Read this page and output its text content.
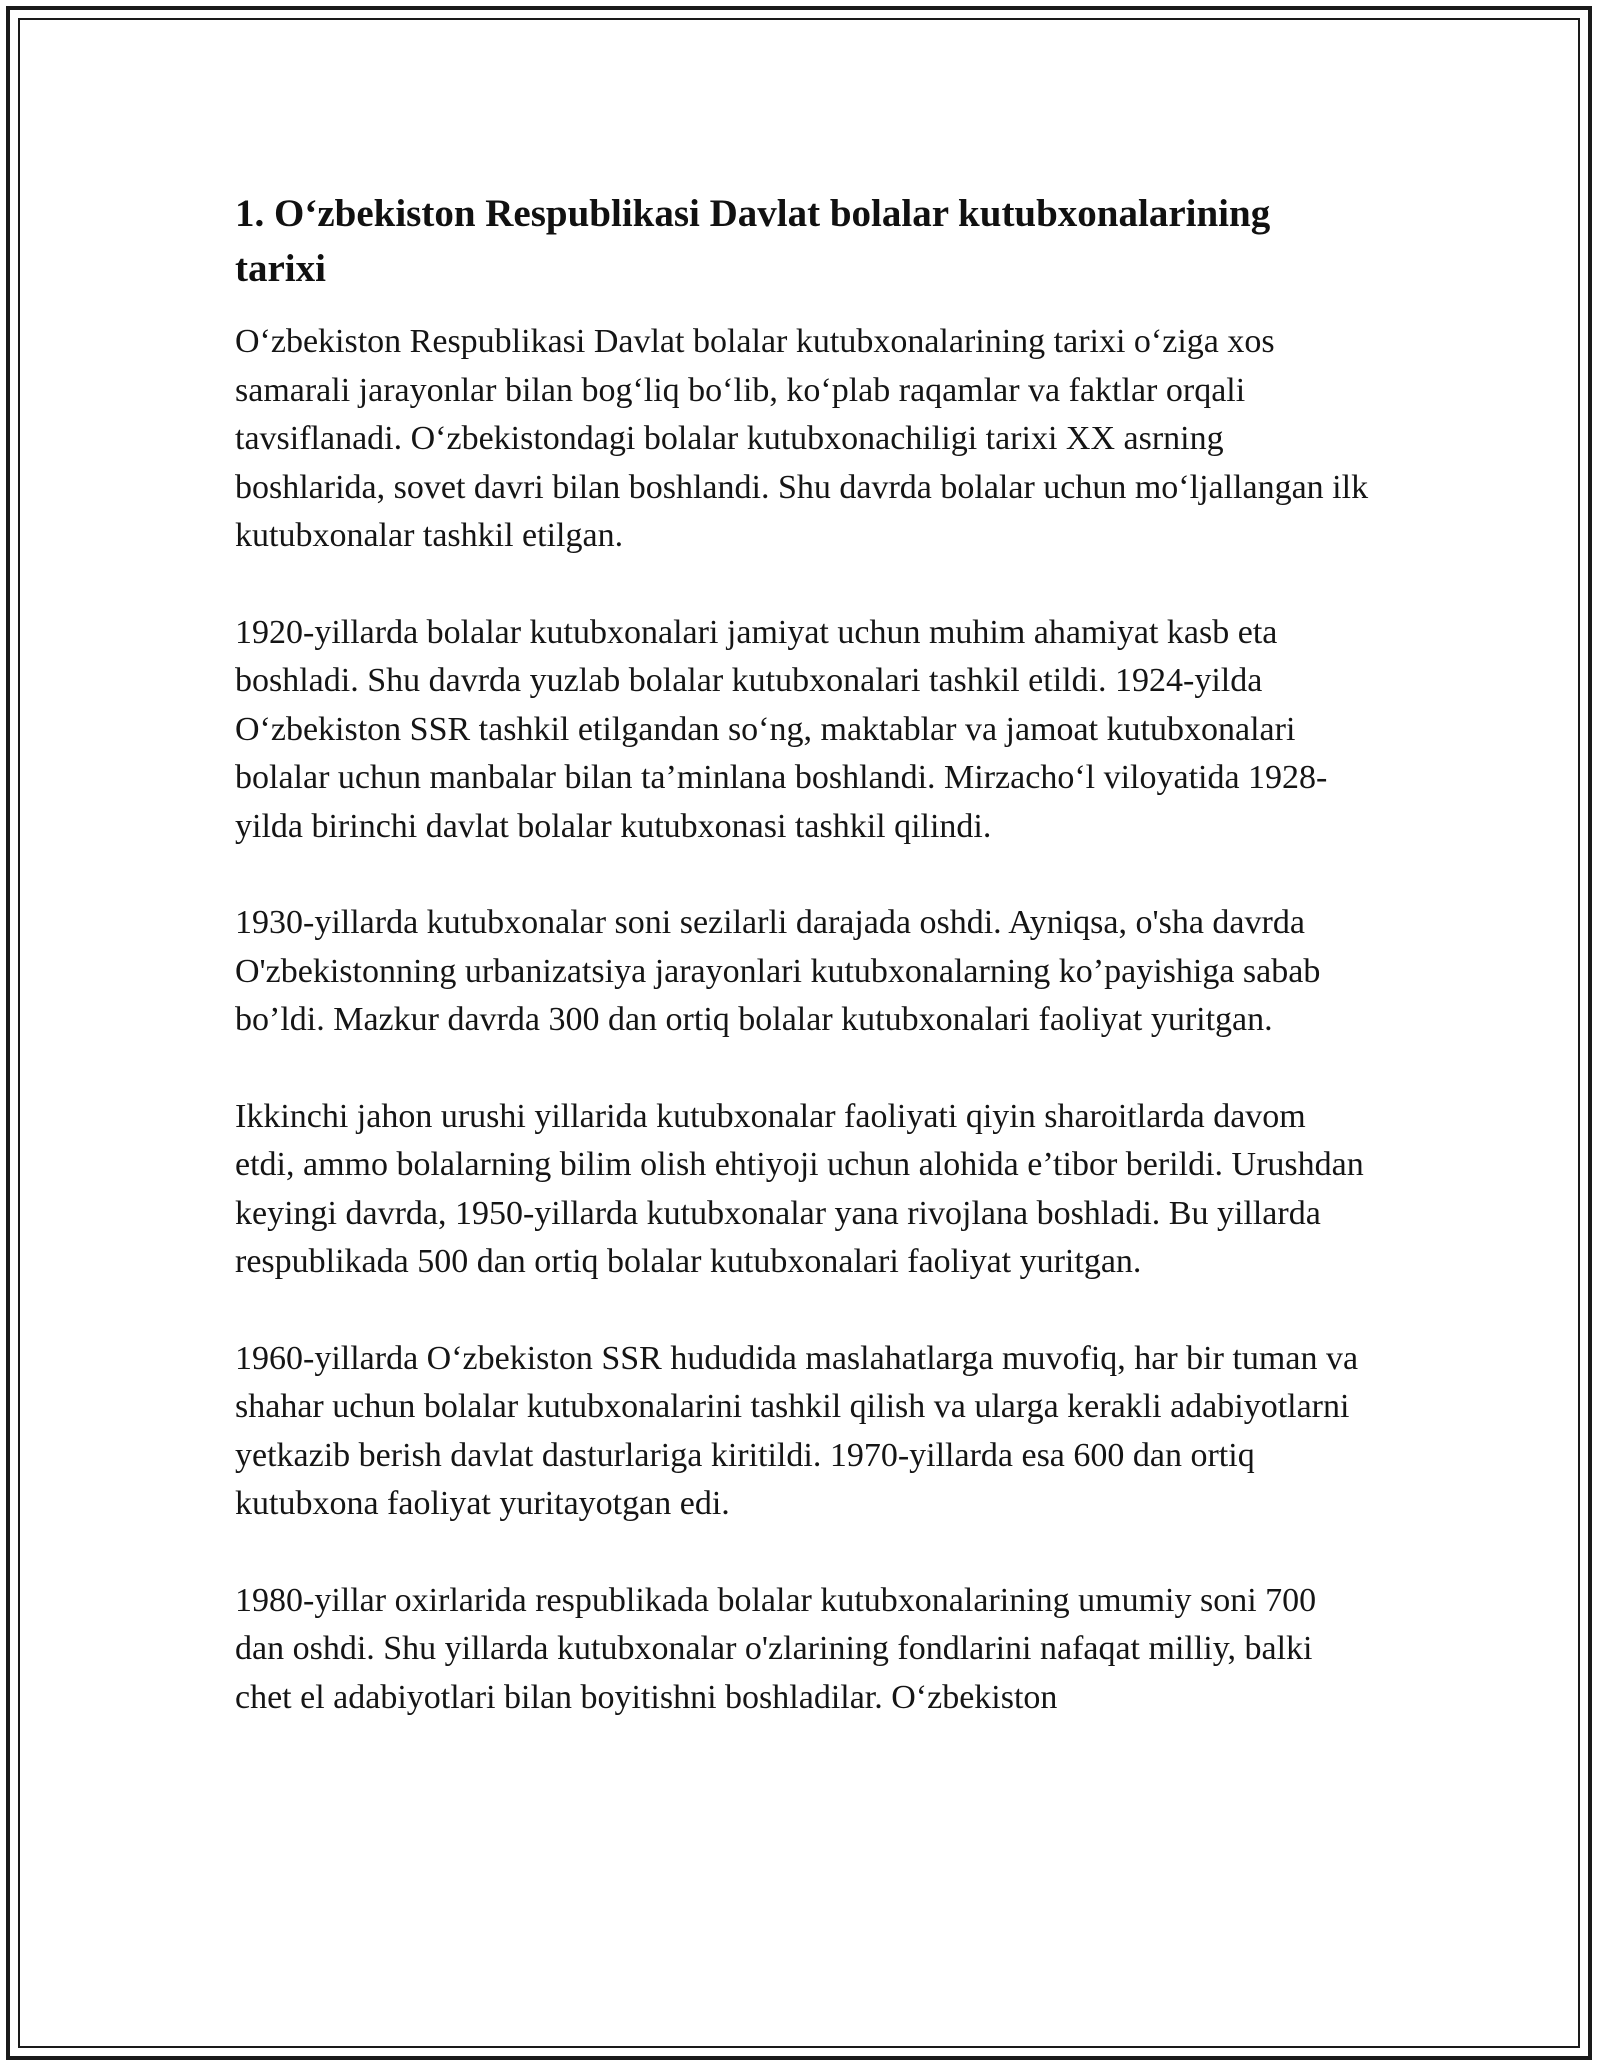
1. O‘zbekiston Respublikasi Davlat bolalar kutubxonalarining tarixi

O‘zbekiston Respublikasi Davlat bolalar kutubxonalarining tarixi o‘ziga xos samarali jarayonlar bilan bog‘liq bo‘lib, ko‘plab raqamlar va faktlar orqali tavsiflanadi. O‘zbekistondagi bolalar kutubxonachiligi tarixi XX asrning boshlarida, sovet davri bilan boshlandi. Shu davrda bolalar uchun mo‘ljallangan ilk kutubxonalar tashkil etilgan.

1920-yillarda bolalar kutubxonalari jamiyat uchun muhim ahamiyat kasb eta boshladi. Shu davrda yuzlab bolalar kutubxonalari tashkil etildi. 1924-yilda O‘zbekiston SSR tashkil etilgandan so‘ng, maktablar va jamoat kutubxonalari bolalar uchun manbalar bilan ta’minlana boshlandi. Mirzacho‘l viloyatida 1928-yilda birinchi davlat bolalar kutubxonasi tashkil qilindi.

1930-yillarda kutubxonalar soni sezilarli darajada oshdi. Ayniqsa, o'sha davrda O'zbekistonning urbanizatsiya jarayonlari kutubxonalarning ko’payishiga sabab bo’ldi. Mazkur davrda 300 dan ortiq bolalar kutubxonalari faoliyat yuritgan.

Ikkinchi jahon urushi yillarida kutubxonalar faoliyati qiyin sharoitlarda davom etdi, ammo bolalarning bilim olish ehtiyoji uchun alohida e’tibor berildi. Urushdan keyingi davrda, 1950-yillarda kutubxonalar yana rivojlana boshladi. Bu yillarda respublikada 500 dan ortiq bolalar kutubxonalari faoliyat yuritgan.

1960-yillarda O‘zbekiston SSR hududida maslahatlarga muvofiq, har bir tuman va shahar uchun bolalar kutubxonalarini tashkil qilish va ularga kerakli adabiyotlarni yetkazib berish davlat dasturlariga kiritildi. 1970-yillarda esa 600 dan ortiq kutubxona faoliyat yuritayotgan edi.

1980-yillar oxirlarida respublikada bolalar kutubxonalarining umumiy soni 700 dan oshdi. Shu yillarda kutubxonalar o'zlarining fondlarini nafaqat milliy, balki chet el adabiyotlari bilan boyitishni boshladilar. O‘zbekiston
